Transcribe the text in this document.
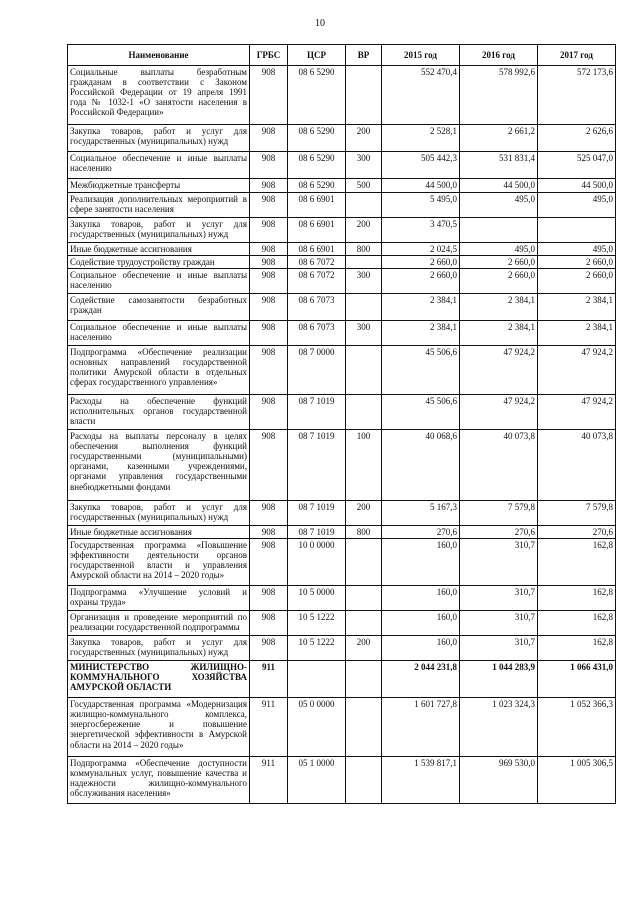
10
Наименование	ГРБС	ЦСР	ВР	2015 год	2016 год	2017 год
Социальные выплаты безработным гражданам в соответствии с Законом Российской Федерации от 19 апреля 1991 года № 1032-1 «О занятости населения в Российской Федерации»	908	08 6 5290		552 470,4	578 992,6	572 173,6
Закупка товаров, работ и услуг для государственных (муниципальных) нужд	908	08 6 5290	200	2 528,1	2 661,2	2 626,6
Социальное обеспечение и иные выплаты населению	908	08 6 5290	300	505 442,3	531 831,4	525 047,0
Межбюджетные трансферты	908	08 6 5290	500	44 500,0	44 500,0	44 500,0
Реализация дополнительных мероприятий в сфере занятости населения	908	08 6 6901		5 495,0	495,0	495,0
Закупка товаров, работ и услуг для государственных (муниципальных) нужд	908	08 6 6901	200	3 470,5		
Иные бюджетные ассигнования	908	08 6 6901	800	2 024,5	495,0	495,0
Содействие трудоустройству граждан	908	08 6 7072		2 660,0	2 660,0	2 660,0
Социальное обеспечение и иные выплаты населению	908	08 6 7072	300	2 660,0	2 660,0	2 660,0
Содействие самозанятости безработных граждан	908	08 6 7073		2 384,1	2 384,1	2 384,1
Социальное обеспечение и иные выплаты населению	908	08 6 7073	300	2 384,1	2 384,1	2 384,1
Подпрограмма «Обеспечение реализации основных направлений государственной политики Амурской области в отдельных сферах государственного управления»	908	08 7 0000		45 506,6	47 924,2	47 924,2
Расходы на обеспечение функций исполнительных органов государственной власти	908	08 7 1019		45 506,6	47 924,2	47 924,2
Расходы на выплаты персоналу в целях обеспечения выполнения функций государственными (муниципальными) органами, казенными учреждениями, органами управления государственными внебюджетными фондами	908	08 7 1019	100	40 068,6	40 073,8	40 073,8
Закупка товаров, работ и услуг для государственных (муниципальных) нужд	908	08 7 1019	200	5 167,3	7 579,8	7 579,8
Иные бюджетные ассигнования	908	08 7 1019	800	270,6	270,6	270,6
Государственная программа «Повышение эффективности деятельности органов государственной власти и управления Амурской области на 2014 – 2020 годы»	908	10 0 0000		160,0	310,7	162,8
Подпрограмма «Улучшение условий и охраны труда»	908	10 5 0000		160,0	310,7	162,8
Организация и проведение мероприятий по реализации государственной подпрограммы	908	10 5 1222		160,0	310,7	162,8
Закупка товаров, работ и услуг для государственных (муниципальных) нужд	908	10 5 1222	200	160,0	310,7	162,8
МИНИСТЕРСТВО ЖИЛИЩНО-КОММУНАЛЬНОГО ХОЗЯЙСТВА АМУРСКОЙ ОБЛАСТИ	911			2 044 231,8	1 044 283,9	1 066 431,0
Государственная программа «Модернизация жилищно-коммунального комплекса, энергосбережение и повышение энергетической эффективности в Амурской области на 2014 – 2020 годы»	911	05 0 0000		1 601 727,8	1 023 324,3	1 052 366,3
Подпрограмма «Обеспечение доступности коммунальных услуг, повышение качества и надежности жилищно-коммунального обслуживания населения»	911	05 1 0000		1 539 817,1	969 530,0	1 005 306,5
